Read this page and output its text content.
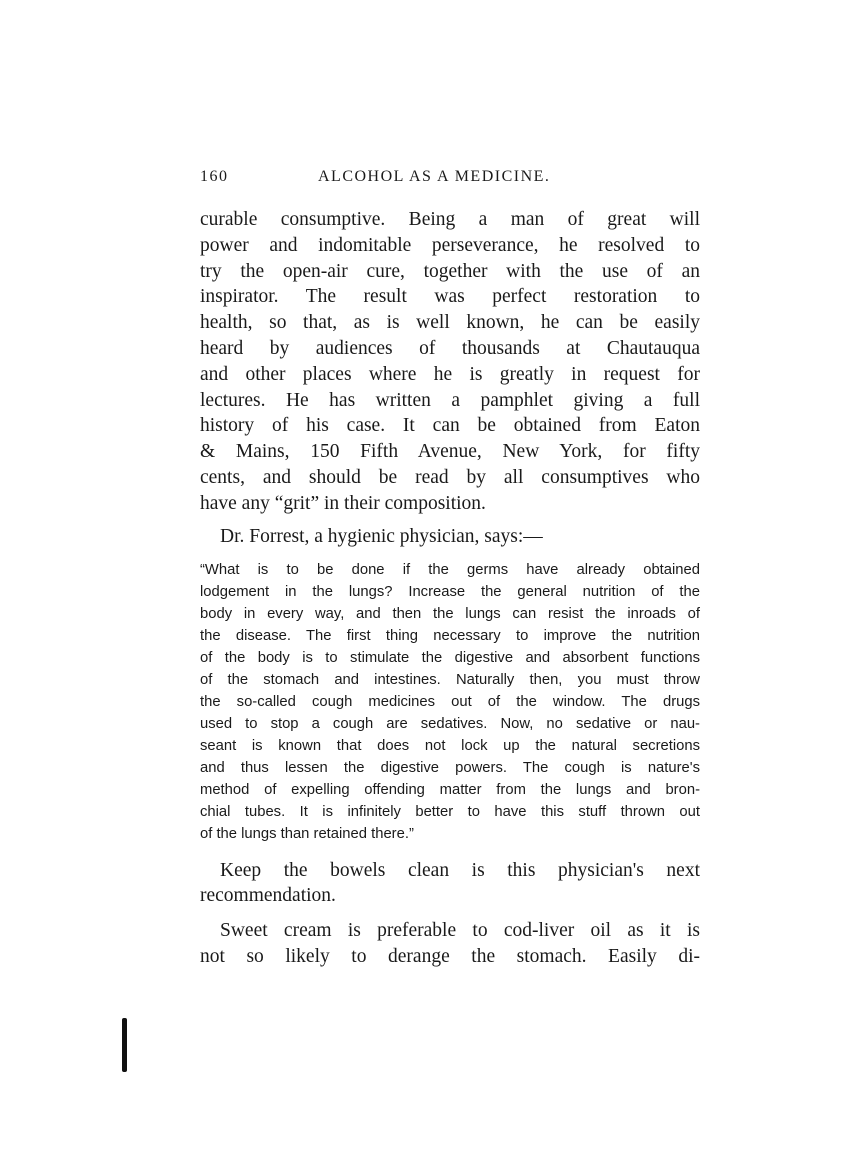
160	ALCOHOL AS A MEDICINE.

curable consumptive. Being a man of great will
power and indomitable perseverance, he resolved to
try the open-air cure, together with the use of an
inspirator. The result was perfect restoration to
health, so that, as is well known, he can be easily
heard by audiences of thousands at Chautauqua
and other places where he is greatly in request for
lectures. He has written a pamphlet giving a full
history of his case. It can be obtained from Eaton
& Mains, 150 Fifth Avenue, New York, for fifty
cents, and should be read by all consumptives who
have any “grit” in their composition.

Dr. Forrest, a hygienic physician, says:—

“What is to be done if the germs have already obtained
lodgement in the lungs? Increase the general nutrition of the
body in every way, and then the lungs can resist the inroads of
the disease. The first thing necessary to improve the nutrition
of the body is to stimulate the digestive and absorbent functions
of the stomach and intestines. Naturally then, you must throw
the so-called cough medicines out of the window. The drugs
used to stop a cough are sedatives. Now, no sedative or nau-
seant is known that does not lock up the natural secretions
and thus lessen the digestive powers. The cough is nature's
method of expelling offending matter from the lungs and bron-
chial tubes. It is infinitely better to have this stuff thrown out
of the lungs than retained there.”

Keep the bowels clean is this physician's next
recommendation.

Sweet cream is preferable to cod-liver oil as it is
not so likely to derange the stomach. Easily di-
